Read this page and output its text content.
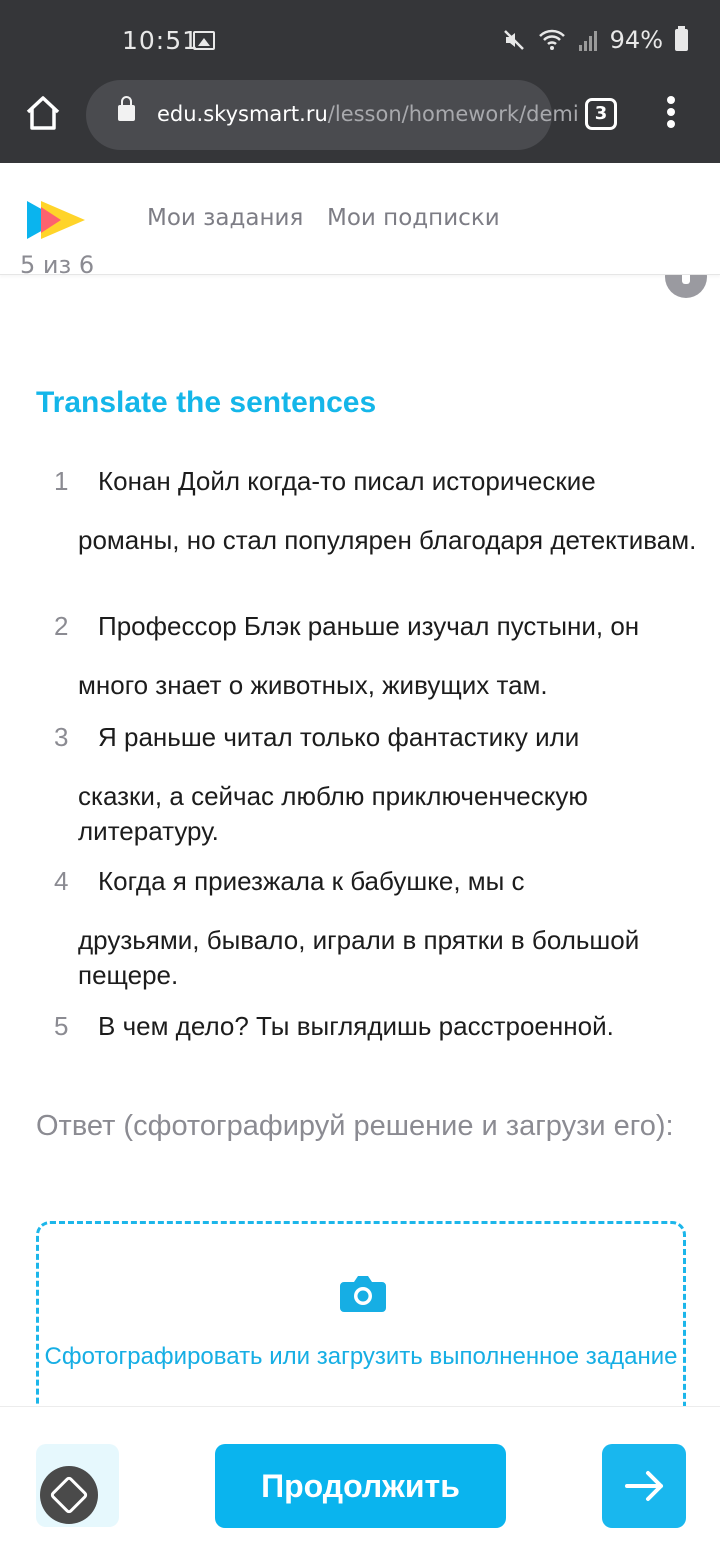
10:51	94%
edu.skysmart.ru/lesson/homework/demi 3
Мои задания Мои подписки
5 из 6
Translate the sentences
1 Конан Дойл когда-то писал исторические
романы, но стал популярен благодаря детективам.
2 Профессор Блэк раньше изучал пустыни, он
много знает о животных, живущих там.
3 Я раньше читал только фантастику или
сказки, а сейчас люблю приключенческую литературу.
4 Когда я приезжала к бабушке, мы с
друзьями, бывало, играли в прятки в большой пещере.
5 В чем дело? Ты выглядишь расстроенной.
Ответ (сфотографируй решение и загрузи его):
Сфотографировать или загрузить выполненное задание
Продолжить
